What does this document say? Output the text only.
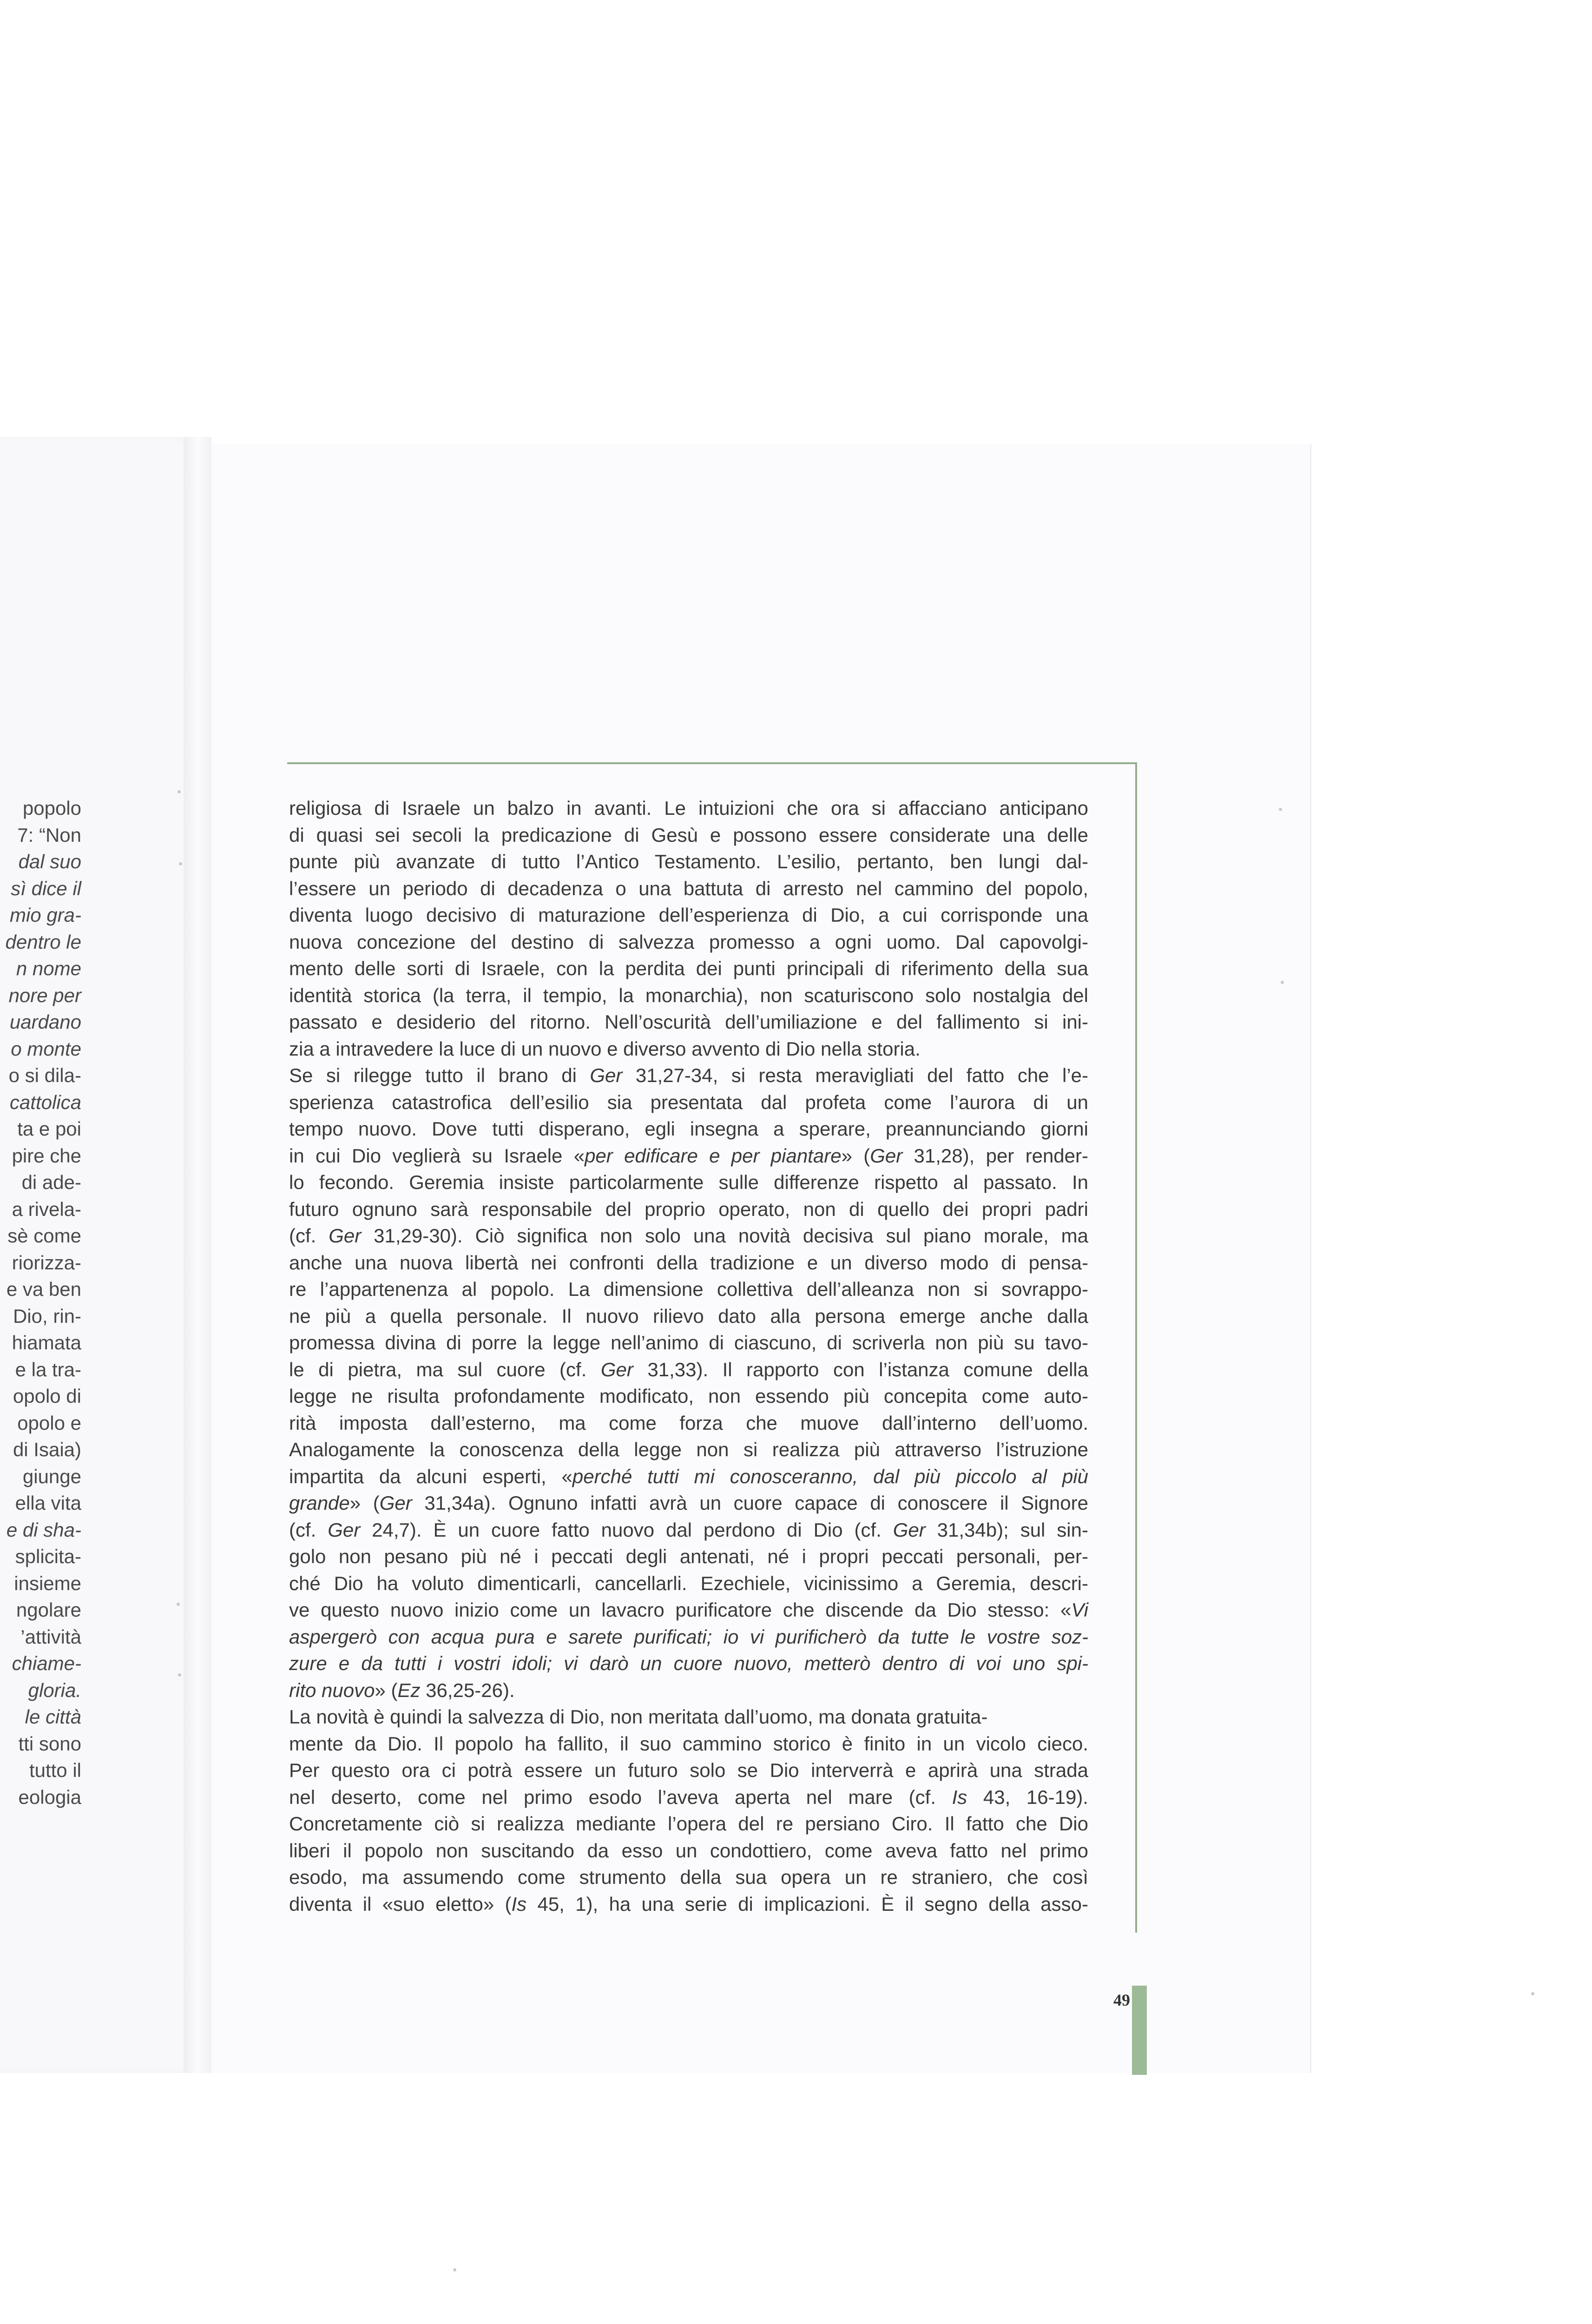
popolo
7: “Non
dal suo
sì dice il
mio gra-
dentro le
n nome
nore per
uardano
o monte
o si dila-
cattolica
ta e poi
pire che
di ade-
a rivela-
sè come
riorizza-
e va ben
Dio, rin-
hiamata
e la tra-
opolo di
opolo e
di Isaia)
giunge
ella vita
e di sha-
splicita-
insieme
ngolare
’attività
chiame-
gloria.
le città
tti sono
tutto il
eologia
religiosa di Israele un balzo in avanti. Le intuizioni che ora si affacciano anticipano
di quasi sei secoli la predicazione di Gesù e possono essere considerate una delle
punte più avanzate di tutto l’Antico Testamento. L’esilio, pertanto, ben lungi dal-
l’essere un periodo di decadenza o una battuta di arresto nel cammino del popolo,
diventa luogo decisivo di maturazione dell’esperienza di Dio, a cui corrisponde una
nuova concezione del destino di salvezza promesso a ogni uomo. Dal capovolgi-
mento delle sorti di Israele, con la perdita dei punti principali di riferimento della sua
identità storica (la terra, il tempio, la monarchia), non scaturiscono solo nostalgia del
passato e desiderio del ritorno. Nell’oscurità dell’umiliazione e del fallimento si ini-
zia a intravedere la luce di un nuovo e diverso avvento di Dio nella storia.
Se si rilegge tutto il brano di Ger 31,27-34, si resta meravigliati del fatto che l’e-
sperienza catastrofica dell’esilio sia presentata dal profeta come l’aurora di un
tempo nuovo. Dove tutti disperano, egli insegna a sperare, preannunciando giorni
in cui Dio veglierà su Israele «per edificare e per piantare» (Ger 31,28), per render-
lo fecondo. Geremia insiste particolarmente sulle differenze rispetto al passato. In
futuro ognuno sarà responsabile del proprio operato, non di quello dei propri padri
(cf. Ger 31,29-30). Ciò significa non solo una novità decisiva sul piano morale, ma
anche una nuova libertà nei confronti della tradizione e un diverso modo di pensa-
re l’appartenenza al popolo. La dimensione collettiva dell’alleanza non si sovrappo-
ne più a quella personale. Il nuovo rilievo dato alla persona emerge anche dalla
promessa divina di porre la legge nell’animo di ciascuno, di scriverla non più su tavo-
le di pietra, ma sul cuore (cf. Ger 31,33). Il rapporto con l’istanza comune della
legge ne risulta profondamente modificato, non essendo più concepita come auto-
rità imposta dall’esterno, ma come forza che muove dall’interno dell’uomo.
Analogamente la conoscenza della legge non si realizza più attraverso l’istruzione
impartita da alcuni esperti, «perché tutti mi conosceranno, dal più piccolo al più
grande» (Ger 31,34a). Ognuno infatti avrà un cuore capace di conoscere il Signore
(cf. Ger 24,7). È un cuore fatto nuovo dal perdono di Dio (cf. Ger 31,34b); sul sin-
golo non pesano più né i peccati degli antenati, né i propri peccati personali, per-
ché Dio ha voluto dimenticarli, cancellarli. Ezechiele, vicinissimo a Geremia, descri-
ve questo nuovo inizio come un lavacro purificatore che discende da Dio stesso: «Vi
aspergerò con acqua pura e sarete purificati; io vi purificherò da tutte le vostre soz-
zure e da tutti i vostri idoli; vi darò un cuore nuovo, metterò dentro di voi uno spi-
rito nuovo» (Ez 36,25-26).
La novità è quindi la salvezza di Dio, non meritata dall’uomo, ma donata gratuita-
mente da Dio. Il popolo ha fallito, il suo cammino storico è finito in un vicolo cieco.
Per questo ora ci potrà essere un futuro solo se Dio interverrà e aprirà una strada
nel deserto, come nel primo esodo l’aveva aperta nel mare (cf. Is 43, 16-19).
Concretamente ciò si realizza mediante l’opera del re persiano Ciro. Il fatto che Dio
liberi il popolo non suscitando da esso un condottiero, come aveva fatto nel primo
esodo, ma assumendo come strumento della sua opera un re straniero, che così
diventa il «suo eletto» (Is 45, 1), ha una serie di implicazioni. È il segno della asso-
49
